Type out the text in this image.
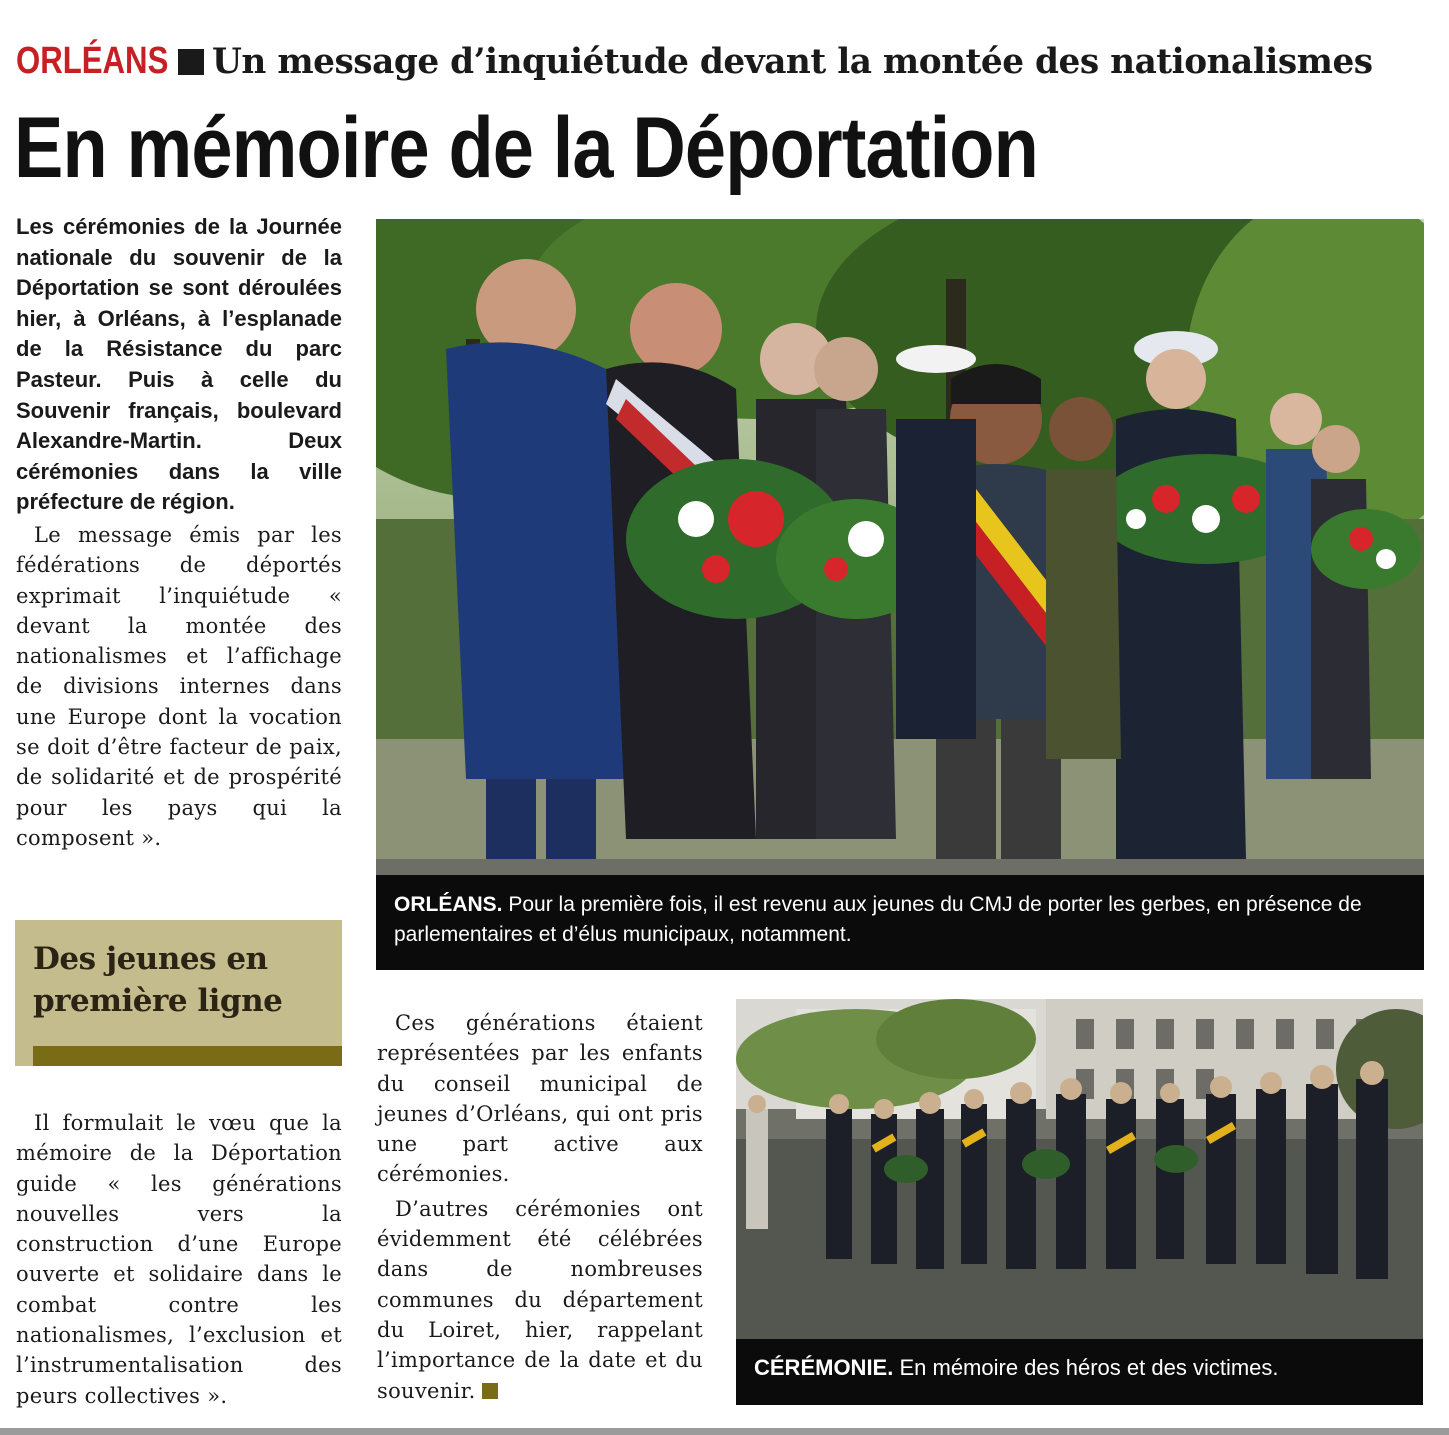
ORLÉANS Un message d’inquiétude devant la montée des nationalismes
En mémoire de la Déportation

Les cérémonies de la Journée nationale du souvenir de la Déportation se sont déroulées hier, à Orléans, à l’esplanade de la Résistance du parc Pasteur. Puis à celle du Souvenir français, boulevard Alexandre-Martin. Deux cérémonies dans la ville préfecture de région.

Le message émis par les fédérations de déportés exprimait l’inquiétude « devant la montée des nationalismes et l’affichage de divisions internes dans une Europe dont la vocation se doit d’être facteur de paix, de solidarité et de prospérité pour les pays qui la composent ».

Des jeunes en première ligne

Il formulait le vœu que la mémoire de la Déportation guide « les générations nouvelles vers la construction d’une Europe ouverte et solidaire dans le combat contre les nationalismes, l’exclusion et l’instrumentalisation des peurs collectives ».

Ces générations étaient représentées par les enfants du conseil municipal de jeunes d’Orléans, qui ont pris une part active aux cérémonies.

D’autres cérémonies ont évidemment été célébrées dans de nombreuses communes du département du Loiret, hier, rappelant l’importance de la date et du souvenir.

ORLÉANS. Pour la première fois, il est revenu aux jeunes du CMJ de porter les gerbes, en présence de parlementaires et d’élus municipaux, notamment.
CÉRÉMONIE. En mémoire des héros et des victimes.
